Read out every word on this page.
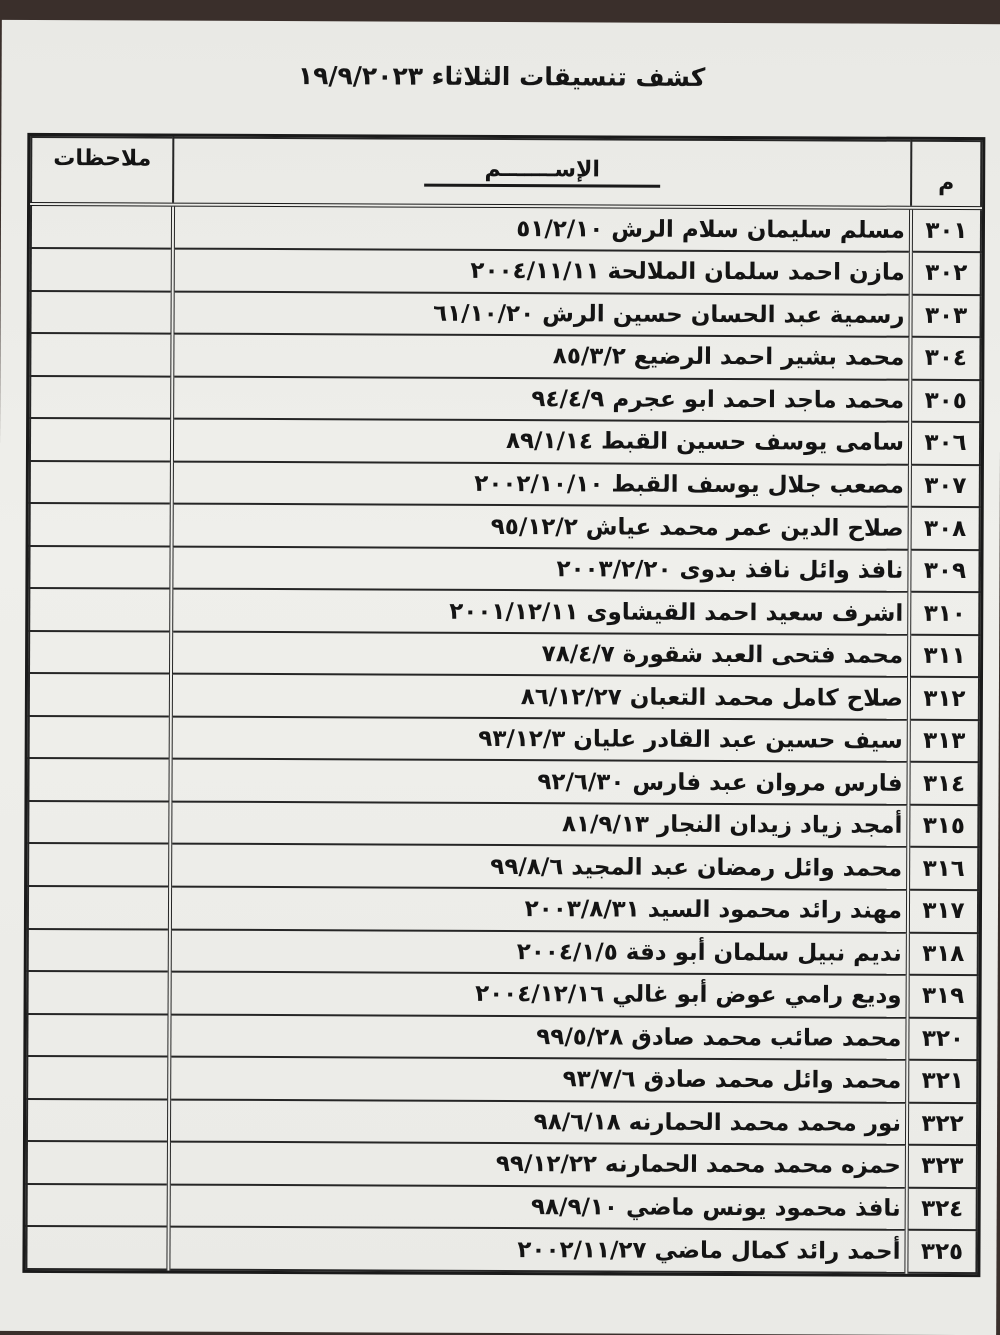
كشف تنسيقات الثلاثاء ١٩/٩/٢٠٢٣
م	الإســـــــم	ملاحظات
٣٠١	مسلم سليمان سلام الرش ٥١/٢/١٠	
٣٠٢	مازن احمد سلمان الملالحة ٢٠٠٤/١١/١١	
٣٠٣	رسمية عبد الحسان حسين الرش ٦١/١٠/٢٠	
٣٠٤	محمد بشير احمد الرضيع ٨٥/٣/٢	
٣٠٥	محمد ماجد احمد ابو عجرم ٩٤/٤/٩	
٣٠٦	سامى يوسف حسين القبط ٨٩/١/١٤	
٣٠٧	مصعب جلال يوسف القبط ٢٠٠٢/١٠/١٠	
٣٠٨	صلاح الدين عمر محمد عياش ٩٥/١٢/٢	
٣٠٩	نافذ وائل نافذ بدوى ٢٠٠٣/٢/٢٠	
٣١٠	اشرف سعيد احمد القيشاوى ٢٠٠١/١٢/١١	
٣١١	محمد فتحى العبد شقورة ٧٨/٤/٧	
٣١٢	صلاح كامل محمد التعبان ٨٦/١٢/٢٧	
٣١٣	سيف حسين عبد القادر عليان ٩٣/١٢/٣	
٣١٤	فارس مروان عبد فارس ٩٢/٦/٣٠	
٣١٥	أمجد زياد زيدان النجار ٨١/٩/١٣	
٣١٦	محمد وائل رمضان عبد المجيد ٩٩/٨/٦	
٣١٧	مهند رائد محمود السيد ٢٠٠٣/٨/٣١	
٣١٨	نديم نبيل سلمان أبو دقة ٢٠٠٤/١/٥	
٣١٩	وديع رامي عوض أبو غالي ٢٠٠٤/١٢/١٦	
٣٢٠	محمد صائب محمد صادق ٩٩/٥/٢٨	
٣٢١	محمد وائل محمد صادق ٩٣/٧/٦	
٣٢٢	نور محمد محمد الحمارنه ٩٨/٦/١٨	
٣٢٣	حمزه محمد محمد الحمارنه ٩٩/١٢/٢٢	
٣٢٤	نافذ محمود يونس ماضي ٩٨/٩/١٠	
٣٢٥	أحمد رائد كمال ماضي ٢٠٠٢/١١/٢٧	
